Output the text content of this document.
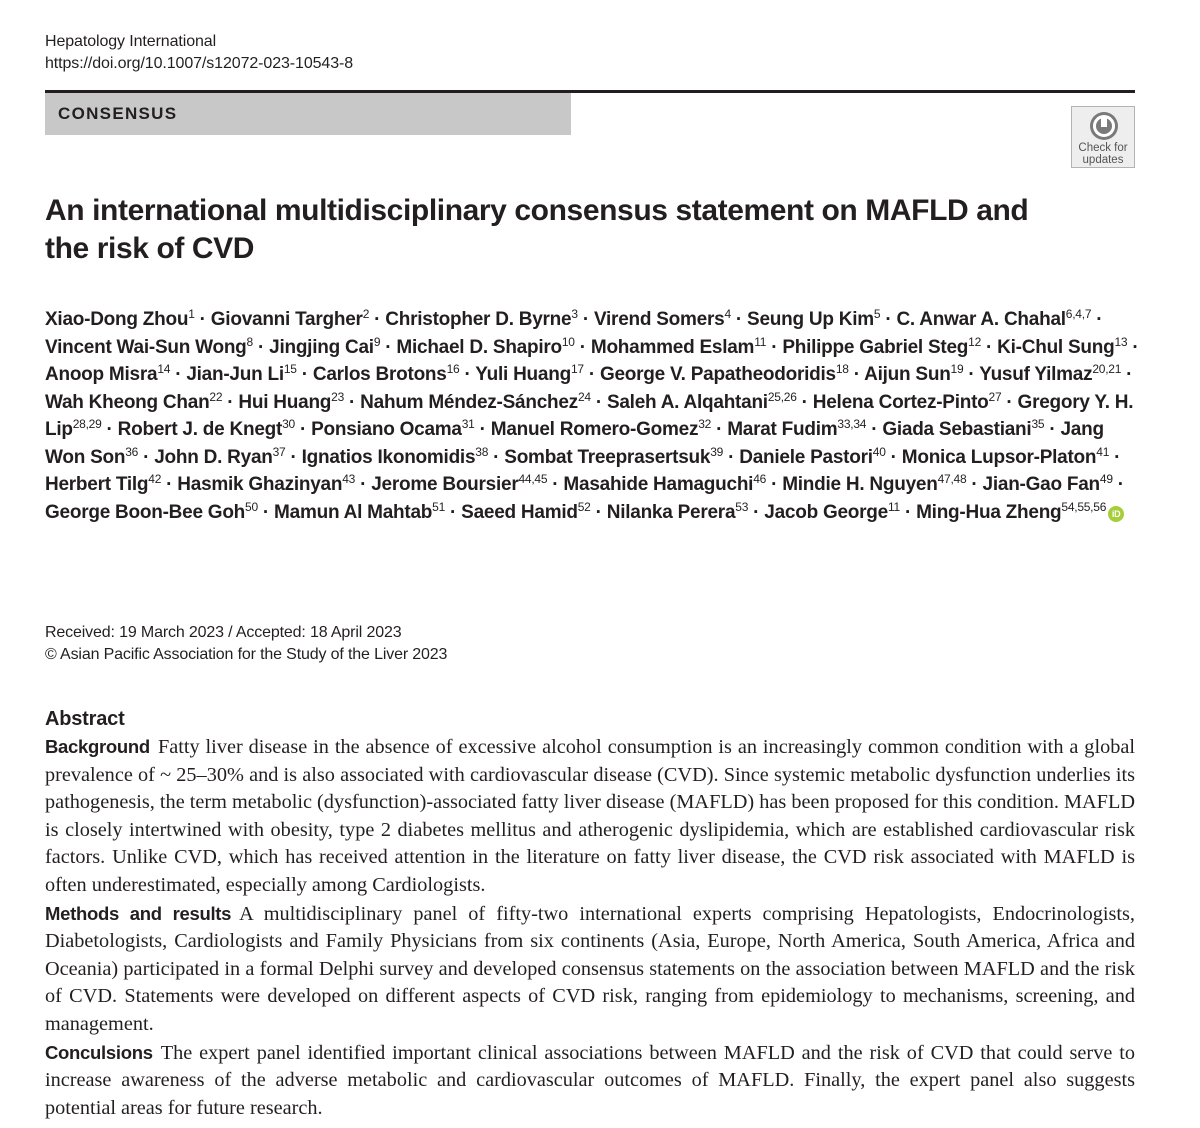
Hepatology International
https://doi.org/10.1007/s12072-023-10543-8
CONSENSUS
Check for
updates
An international multidisciplinary consensus statement on MAFLD and the risk of CVD
Xiao-Dong Zhou$^1$ · Giovanni Targher$^2$ · Christopher D. Byrne$^3$ · Virend Somers$^4$ · Seung Up Kim$^5$ · C. Anwar A. Chahal$^{6,4,7}$ · Vincent Wai-Sun Wong$^8$ · Jingjing Cai$^9$ · Michael D. Shapiro$^{10}$ · Mohammed Eslam$^{11}$ · Philippe Gabriel Steg$^{12}$ · Ki-Chul Sung$^{13}$ · Anoop Misra$^{14}$ · Jian-Jun $Li^{15}$ · Carlos Brotons$^{16}$ · Yuli Huang$^{17}$ · George V. Papatheodoridis$^{18}$ · Aijun Sun$^{19}$ · Yusuf Yilmaz$^{20,21}$ · Wah Kheong Chan$^{22}$ · Hui Huang$^{23}$ · Nahum Méndez-Sánchez$^{24}$ · Saleh A. Alqahtani$^{25,26}$ · Helena Cortez-Pinto$^{27}$ · Gregory Y. H. Lip$^{28,29}$ · Robert J. de Knegt$^{30}$ · Ponsiano Ocama$^{31}$ · Manuel Romero-Gomez$^{32}$ · Marat Fudim$^{33,34}$ · Giada Sebastiani$^{35}$ · Jang Won Son$^{36}$ · John D. Ryan$^{37}$ · Ignatios Ikonomidis$^{38}$ · Sombat Treeprasertsuk$^{39}$ · Daniele Pastori$^{40}$ · Monica Lupsor-Platon$^{41}$ · Herbert Tilg$^{42}$ · Hasmik Ghazinyan$^{43}$ · Jerome Boursier$^{44,45}$ · Masahide Hamaguchi$^{46}$ · Mindie H. Nguyen$^{47,48}$ · Jian-Gao Fan$^{49}$ · George Boon-Bee Goh$^{50}$ · Mamun Al Mahtab$^{51}$ · Saeed Hamid$^{52}$ · Nilanka Perera$^{53}$ · Jacob George$^{11}$ · Ming-Hua Zheng$^{54,55,56}$ iD
Received: 19 March 2023 / Accepted: 18 April 2023
© Asian Pacific Association for the Study of the Liver 2023
Abstract

Background Fatty liver disease in the absence of excessive alcohol consumption is an increasingly common condition with a global prevalence of ~ 25–30% and is also associated with cardiovascular disease (CVD). Since systemic metabolic dysfunction underlies its pathogenesis, the term metabolic (dysfunction)-associated fatty liver disease (MAFLD) has been proposed for this condition. MAFLD is closely intertwined with obesity, type 2 diabetes mellitus and atherogenic dyslipidemia, which are established cardiovascular risk factors. Unlike CVD, which has received attention in the literature on fatty liver disease, the CVD risk associated with MAFLD is often underestimated, especially among Cardiologists.

Methods and results A multidisciplinary panel of fifty-two international experts comprising Hepatologists, Endocrinologists, Diabetologists, Cardiologists and Family Physicians from six continents (Asia, Europe, North America, South America, Africa and Oceania) participated in a formal Delphi survey and developed consensus statements on the association between MAFLD and the risk of CVD. Statements were developed on different aspects of CVD risk, ranging from epidemiology to mechanisms, screening, and management.

Conculsions The expert panel identified important clinical associations between MAFLD and the risk of CVD that could serve to increase awareness of the adverse metabolic and cardiovascular outcomes of MAFLD. Finally, the expert panel also suggests potential areas for future research.
